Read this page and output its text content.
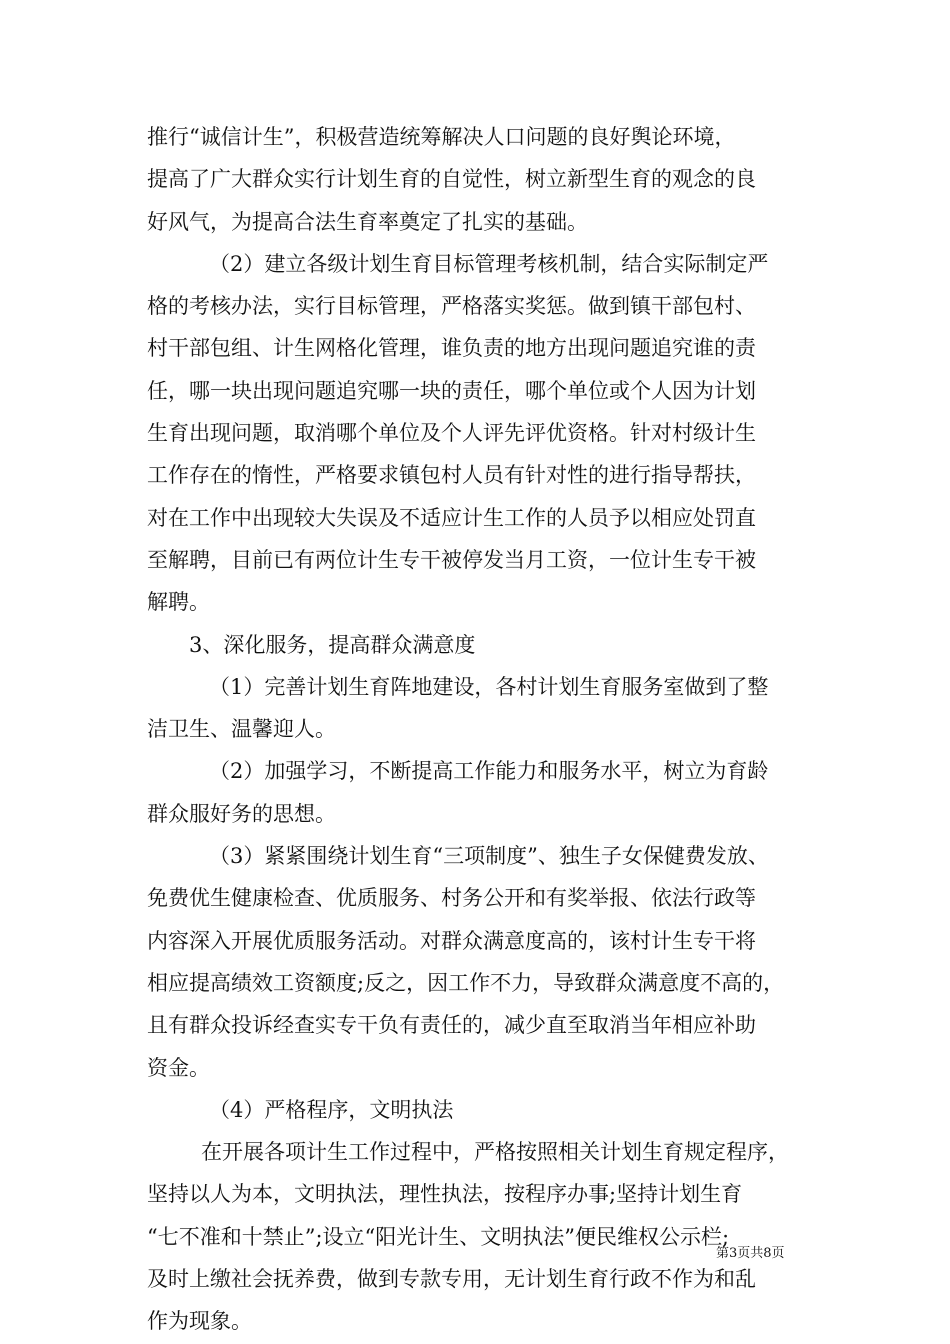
推行“诚信计生”，积极营造统筹解决人口问题的良好舆论环境，
提高了广大群众实行计划生育的自觉性，树立新型生育的观念的良
好风气，为提高合法生育率奠定了扎实的基础。
（2）建立各级计划生育目标管理考核机制，结合实际制定严
格的考核办法，实行目标管理，严格落实奖惩。做到镇干部包村、
村干部包组、计生网格化管理，谁负责的地方出现问题追究谁的责
任，哪一块出现问题追究哪一块的责任，哪个单位或个人因为计划
生育出现问题，取消哪个单位及个人评先评优资格。针对村级计生
工作存在的惰性，严格要求镇包村人员有针对性的进行指导帮扶，
对在工作中出现较大失误及不适应计生工作的人员予以相应处罚直
至解聘，目前已有两位计生专干被停发当月工资，一位计生专干被
解聘。
3、深化服务，提高群众满意度
（1）完善计划生育阵地建设，各村计划生育服务室做到了整
洁卫生、温馨迎人。
（2）加强学习，不断提高工作能力和服务水平，树立为育龄
群众服好务的思想。
（3）紧紧围绕计划生育“三项制度”、独生子女保健费发放、
免费优生健康检查、优质服务、村务公开和有奖举报、依法行政等
内容深入开展优质服务活动。对群众满意度高的，该村计生专干将
相应提高绩效工资额度;反之，因工作不力，导致群众满意度不高的，
且有群众投诉经查实专干负有责任的，减少直至取消当年相应补助
资金。
（4）严格程序，文明执法
在开展各项计生工作过程中，严格按照相关计划生育规定程序，
坚持以人为本，文明执法，理性执法，按程序办事;坚持计划生育
“七不准和十禁止”;设立“阳光计生、文明执法”便民维权公示栏;
及时上缴社会抚养费，做到专款专用，无计划生育行政不作为和乱
作为现象。
第3页共8页
